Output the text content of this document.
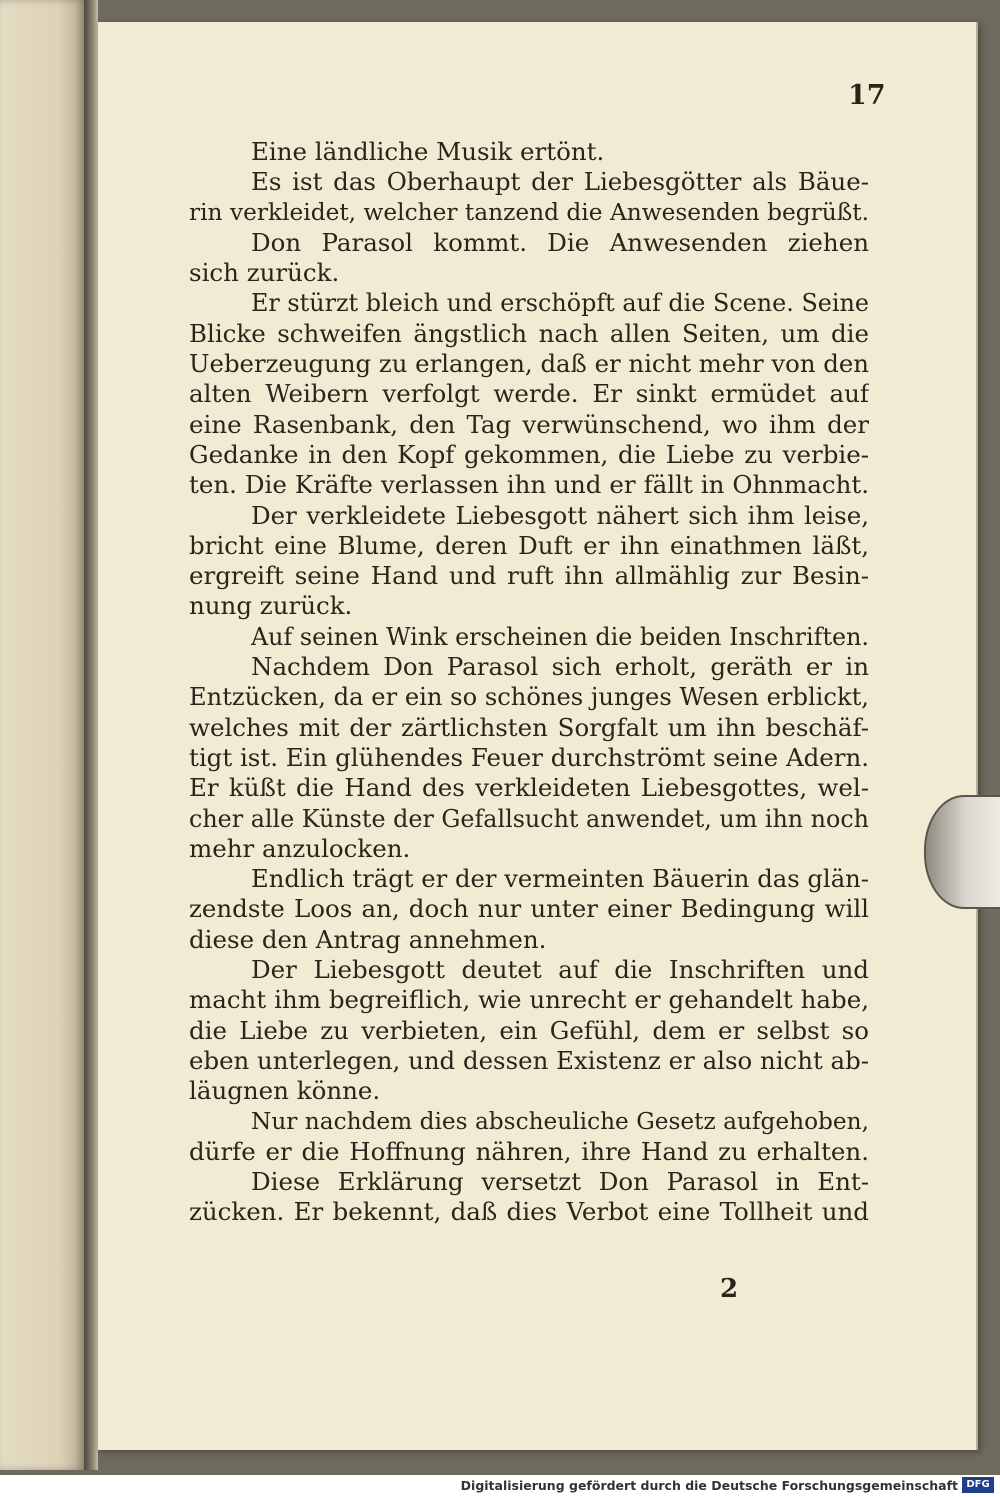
17
Eine ländliche Musik ertönt.
Es ist das Oberhaupt der Liebesgötter als Bäue-
rin verkleidet, welcher tanzend die Anwesenden begrüßt.
Don Parasol kommt. Die Anwesenden ziehen
sich zurück.
Er stürzt bleich und erschöpft auf die Scene. Seine
Blicke schweifen ängstlich nach allen Seiten, um die
Ueberzeugung zu erlangen, daß er nicht mehr von den
alten Weibern verfolgt werde. Er sinkt ermüdet auf
eine Rasenbank, den Tag verwünschend, wo ihm der
Gedanke in den Kopf gekommen, die Liebe zu verbie-
ten. Die Kräfte verlassen ihn und er fällt in Ohnmacht.
Der verkleidete Liebesgott nähert sich ihm leise,
bricht eine Blume, deren Duft er ihn einathmen läßt,
ergreift seine Hand und ruft ihn allmählig zur Besin-
nung zurück.
Auf seinen Wink erscheinen die beiden Inschriften.
Nachdem Don Parasol sich erholt, geräth er in
Entzücken, da er ein so schönes junges Wesen erblickt,
welches mit der zärtlichsten Sorgfalt um ihn beschäf-
tigt ist. Ein glühendes Feuer durchströmt seine Adern.
Er küßt die Hand des verkleideten Liebesgottes, wel-
cher alle Künste der Gefallsucht anwendet, um ihn noch
mehr anzulocken.
Endlich trägt er der vermeinten Bäuerin das glän-
zendste Loos an, doch nur unter einer Bedingung will
diese den Antrag annehmen.
Der Liebesgott deutet auf die Inschriften und
macht ihm begreiflich, wie unrecht er gehandelt habe,
die Liebe zu verbieten, ein Gefühl, dem er selbst so
eben unterlegen, und dessen Existenz er also nicht ab-
läugnen könne.
Nur nachdem dies abscheuliche Gesetz aufgehoben,
dürfe er die Hoffnung nähren, ihre Hand zu erhalten.
Diese Erklärung versetzt Don Parasol in Ent-
zücken. Er bekennt, daß dies Verbot eine Tollheit und
2
Digitalisierung gefördert durch die Deutsche Forschungsgemeinschaft DFG
